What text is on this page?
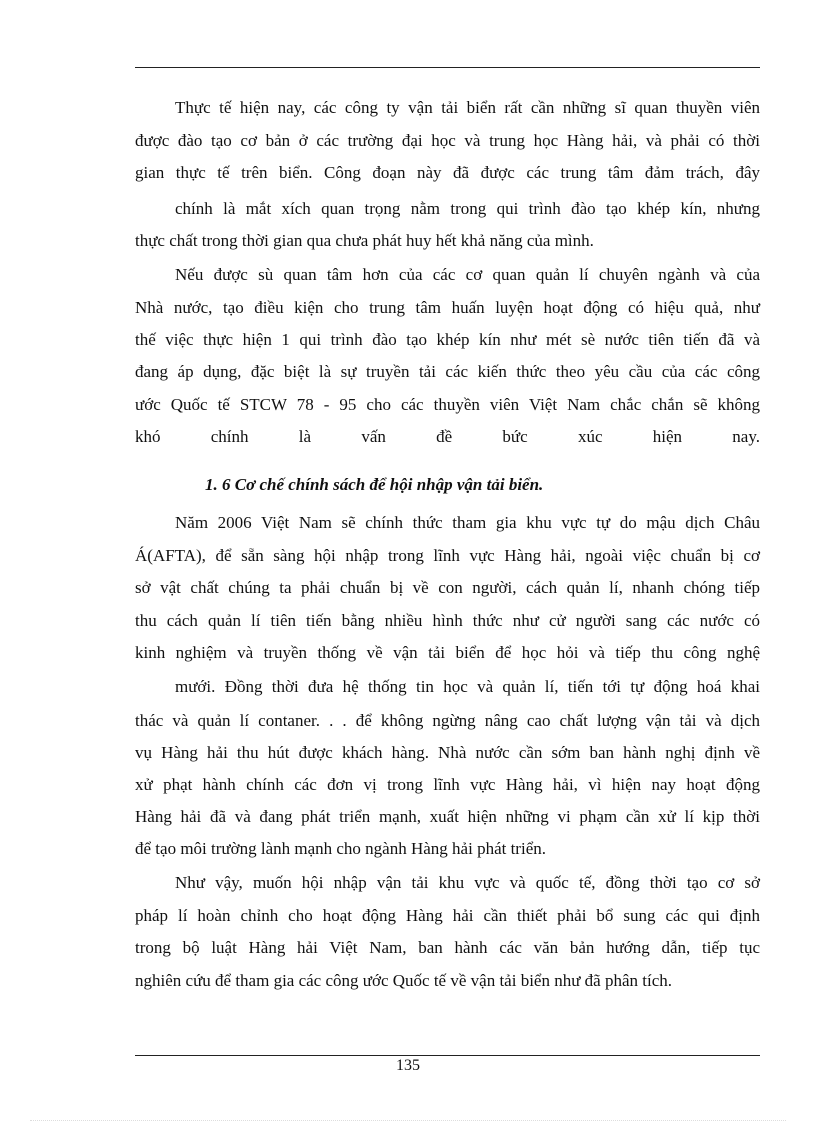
Thực tế hiện nay, các công ty vận tải biển rất cần những sĩ quan thuyền viên
được đào tạo cơ bản ở các trường đại học và trung học Hàng hải, và phải có thời
gian thực tế trên biển. Công đoạn này đã được các trung tâm đảm trách, đây
chính là mắt xích quan trọng nằm trong qui trình đào tạo khép kín, nhưng
thực chất trong thời gian qua chưa phát huy hết khả năng của mình.
Nếu được sù quan tâm hơn của các cơ quan quản lí chuyên ngành và của
Nhà nước, tạo điều kiện cho trung tâm huấn luyện hoạt động có hiệu quả, như
thế việc thực hiện 1 qui trình đào tạo khép kín như mét sè nước tiên tiến đã và
đang áp dụng, đặc biệt là sự truyền tải các kiến thức theo yêu cầu của các công
ước Quốc tế STCW 78 - 95 cho các thuyền viên Việt Nam chắc chắn sẽ không
khó chính là vấn đề bức xúc hiện nay.
1. 6 Cơ chế chính sách để hội nhập vận tải biển.
Năm 2006 Việt Nam sẽ chính thức tham gia khu vực tự do mậu dịch Châu
Á(AFTA), để sẵn sàng hội nhập trong lĩnh vực Hàng hải, ngoài việc chuẩn bị cơ
sở vật chất chúng ta phải chuẩn bị về con người, cách quản lí, nhanh chóng tiếp
thu cách quản lí tiên tiến bằng nhiều hình thức như cử người sang các nước có
kinh nghiệm và truyền thống về vận tải biển để học hỏi và tiếp thu công nghệ
mưới. Đồng thời đưa hệ thống tin học và quản lí, tiến tới tự động hoá khai
thác và quản lí contaner. . . để không ngừng nâng cao chất lượng vận tải và dịch
vụ Hàng hải thu hút được khách hàng. Nhà nước cần sớm ban hành nghị định về
xử phạt hành chính các đơn vị trong lĩnh vực Hàng hải, vì hiện nay hoạt động
Hàng hải đã và đang phát triển mạnh, xuất hiện những vi phạm cần xử lí kịp thời
để tạo môi trường lành mạnh cho ngành Hàng hải phát triển.
Như vậy, muốn hội nhập vận tải khu vực và quốc tế, đồng thời tạo cơ sở
pháp lí hoàn chỉnh cho hoạt động Hàng hải cần thiết phải bổ sung các qui định
trong bộ luật Hàng hải Việt Nam, ban hành các văn bản hướng dẫn, tiếp tục
nghiên cứu để tham gia các công ước Quốc tế về vận tải biển như đã phân tích.
135
